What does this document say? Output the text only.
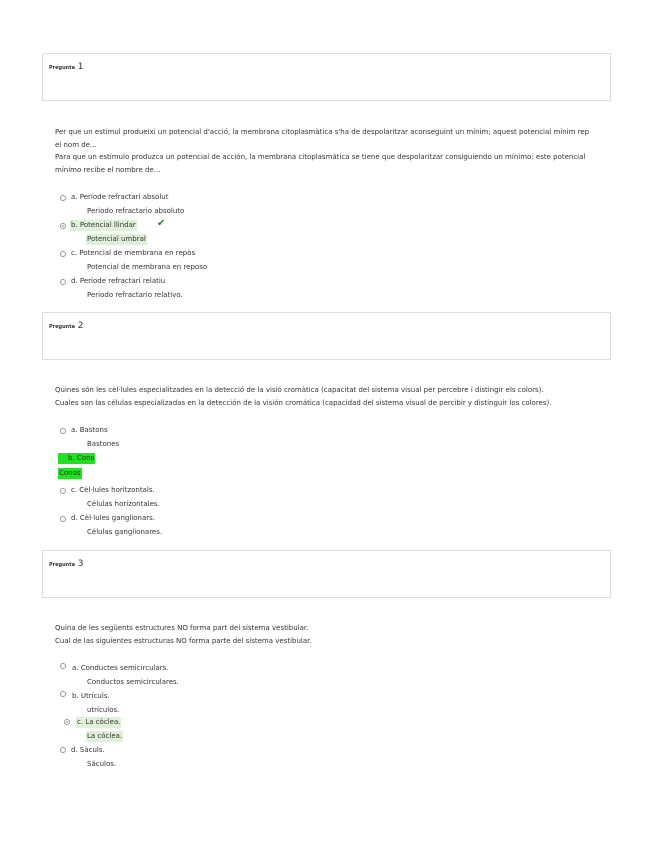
Pregunta 1
Per que un estímul produeixi un potencial d'acció, la membrana citoplasmàtica s'ha de despolaritzar aconseguint un mínim; aquest potencial mínim rep el nom de...
Para que un estímulo produzca un potencial de acción, la membrana citoplasmática se tiene que despolaritzar consiguiendo un mínimo: este potencial mínimo recibe el nombre de...
a. Període refractari absolut
Periodo refractario absoluto
b. Potencial llindar ✔
Potencial umbral
c. Potencial de membrana en repòs
Potencial de membrana en reposo
d. Període refractari relatiu
Periodo refractario relativo.
Pregunta 2
Quines són les cèl·lules especialitzades en la detecció de la visió cromàtica (capacitat del sistema visual per percebre i distingir els colors).
Cuales son las células especializadas en la detección de la visión cromática (capacidad del sistema visual de percibir y distinguir los colores).
a. Bastons
Bastones
b. Cons
Conos
c. Cèl·lules horitzontals.
Células horizontales.
d. Cèl·lules ganglionars.
Células ganglionares.
Pregunta 3
Quina de les següents estructures NO forma part del sistema vestibular.
Cual de las siguientes estructuras NO forma parte del sistema vestibular.
a. Conductes semicirculars.
Conductos semicirculares.
b. Utrículs.
utrículos.
c. La còclea.
La cóclea.
d. Sàculs.
Sáculos.
